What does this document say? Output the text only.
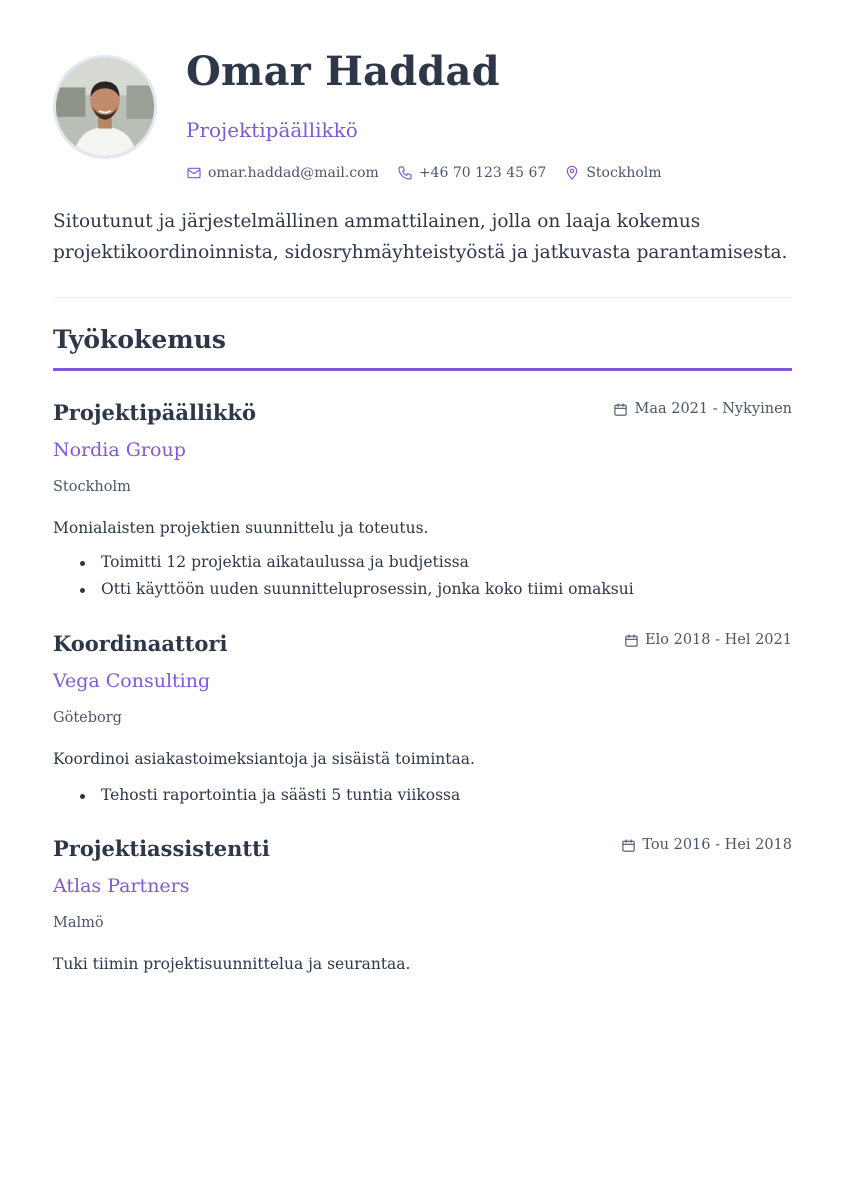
Omar Haddad

Projektipäällikkö

omar.haddad@mail.com	+46 70 123 45 67	Stockholm

Sitoutunut ja järjestelmällinen ammattilainen, jolla on laaja kokemus projektikoordinoinnista, sidosryhmäyhteistyöstä ja jatkuvasta parantamisesta.

Työkokemus
Projektipäällikkö	Maa 2021 - Nykyinen

Nordia Group

Stockholm

Monialaisten projektien suunnittelu ja toteutus.

Toimitti 12 projektia aikataulussa ja budjetissa
Otti käyttöön uuden suunnitteluprosessin, jonka koko tiimi omaksui
Koordinaattori	Elo 2018 - Hel 2021

Vega Consulting

Göteborg

Koordinoi asiakastoimeksiantoja ja sisäistä toimintaa.

Tehosti raportointia ja säästi 5 tuntia viikossa
Projektiassistentti	Tou 2016 - Hei 2018

Atlas Partners

Malmö

Tuki tiimin projektisuunnittelua ja seurantaa.
